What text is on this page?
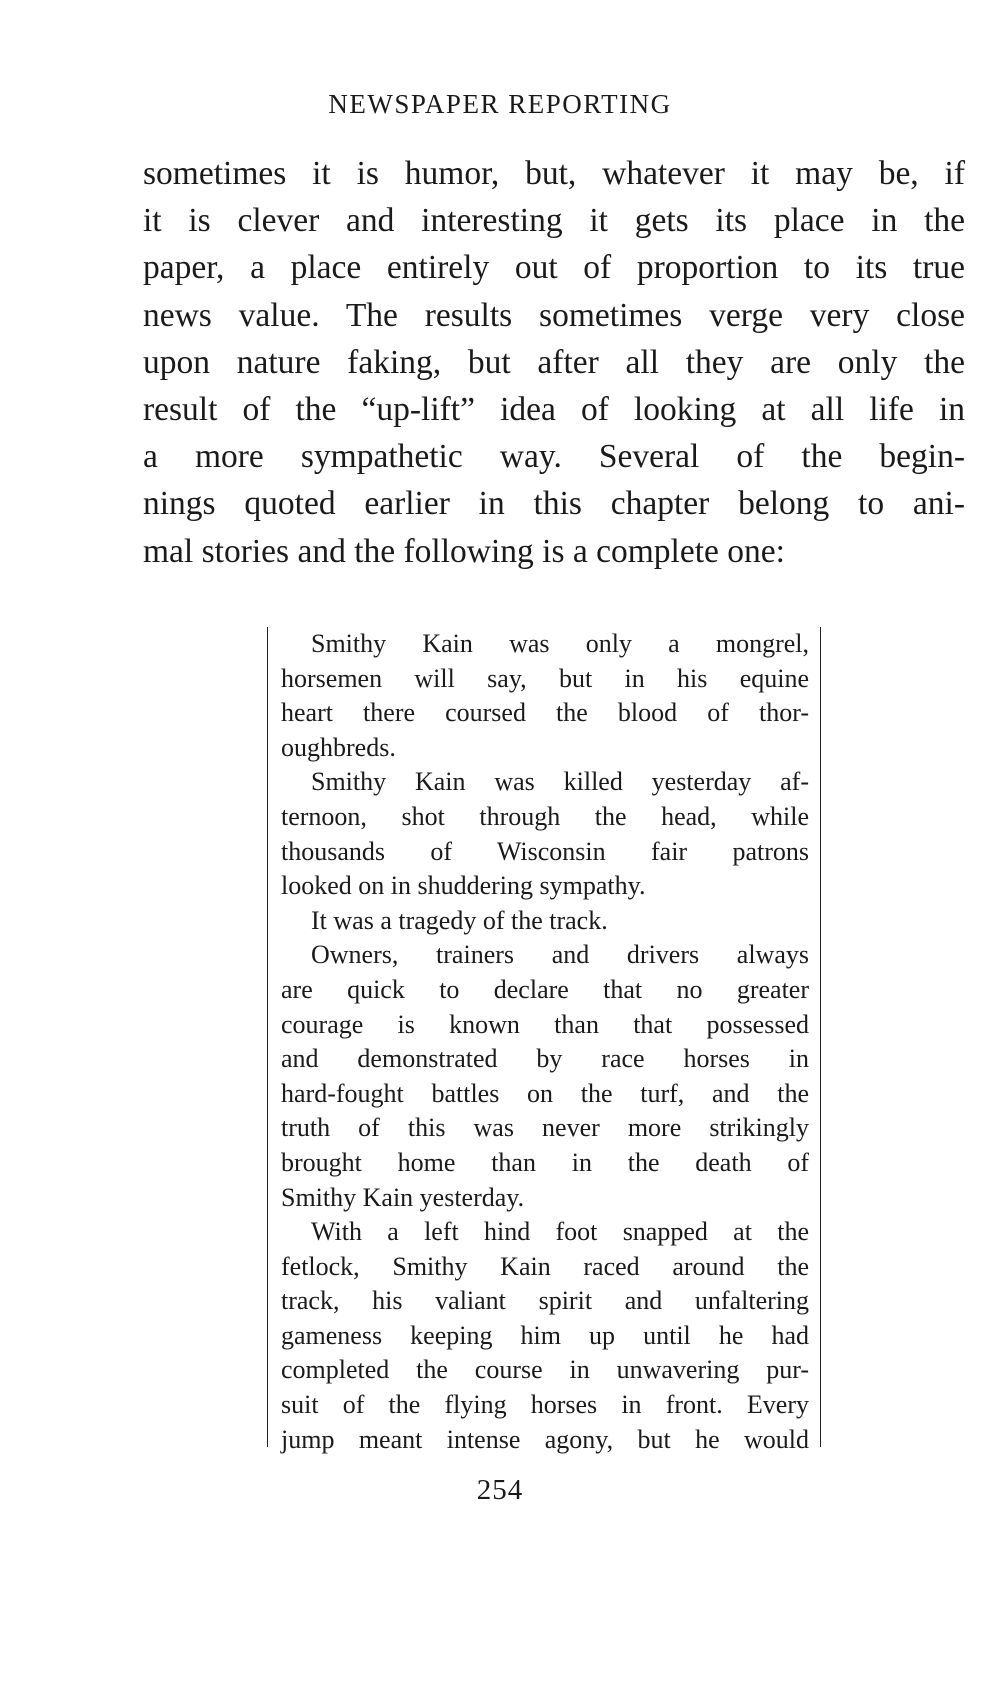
NEWSPAPER REPORTING
sometimes it is humor, but, whatever it may be, if
it is clever and interesting it gets its place in the
paper, a place entirely out of proportion to its true
news value. The results sometimes verge very close
upon nature faking, but after all they are only the
result of the “up-lift” idea of looking at all life in
a more sympathetic way. Several of the begin-
nings quoted earlier in this chapter belong to ani-
mal stories and the following is a complete one:
Smithy Kain was only a mongrel,
horsemen will say, but in his equine
heart there coursed the blood of thor-
oughbreds.
Smithy Kain was killed yesterday af-
ternoon, shot through the head, while
thousands of Wisconsin fair patrons
looked on in shuddering sympathy.
It was a tragedy of the track.
Owners, trainers and drivers always
are quick to declare that no greater
courage is known than that possessed
and demonstrated by race horses in
hard-fought battles on the turf, and the
truth of this was never more strikingly
brought home than in the death of
Smithy Kain yesterday.
With a left hind foot snapped at the
fetlock, Smithy Kain raced around the
track, his valiant spirit and unfaltering
gameness keeping him up until he had
completed the course in unwavering pur-
suit of the flying horses in front. Every
jump meant intense agony, but he would
254
